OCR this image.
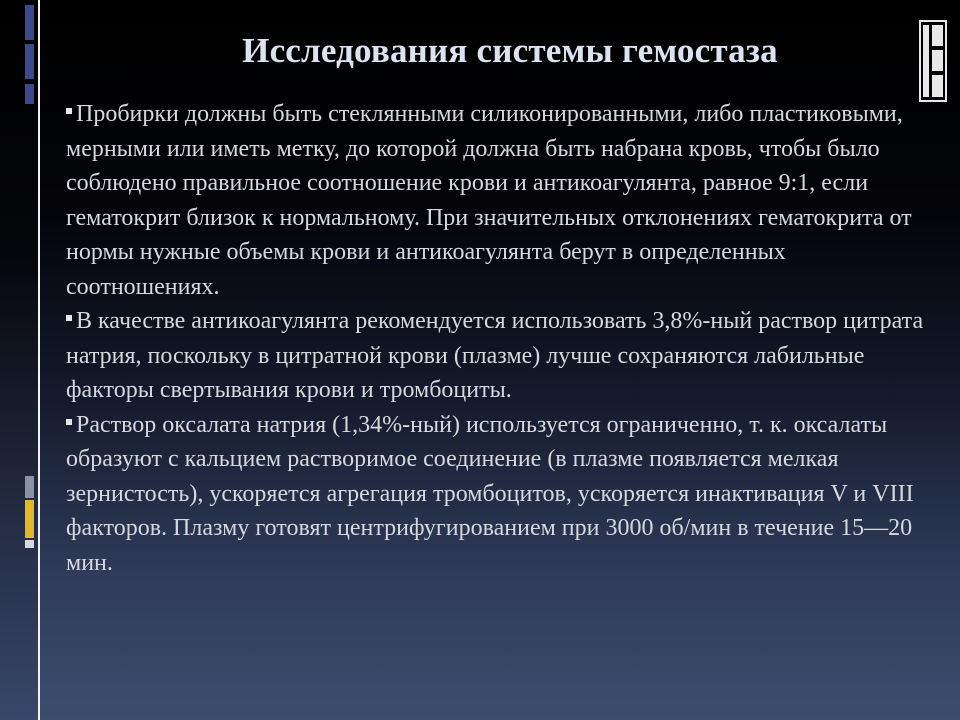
Исследования системы гемостаза
Пробирки должны быть стеклянными силиконированными, либо пластиковыми, мерными или иметь метку, до которой должна быть набрана кровь, чтобы было соблюдено правильное соотношение крови и антикоагулянта, равное 9:1, если гематокрит близок к нормальному. При значительных отклонениях гематокрита от нормы нужные объемы крови и антикоагулянта берут в определенных соотношениях.
В качестве антикоагулянта рекомендуется использовать 3,8%-ный раствор цитрата натрия, поскольку в цитратной крови (плазме) лучше сохраняются лабильные факторы свертывания крови и тромбоциты.
Раствор оксалата натрия (1,34%-ный) используется ограниченно, т. к. оксалаты образуют с кальцием растворимое соединение (в плазме появляется мелкая зернистость), ускоряется агрегация тромбоцитов, ускоряется инактивация V и VIII факторов. Плазму готовят центрифугированием при 3000 об/мин в течение 15—20 мин.
